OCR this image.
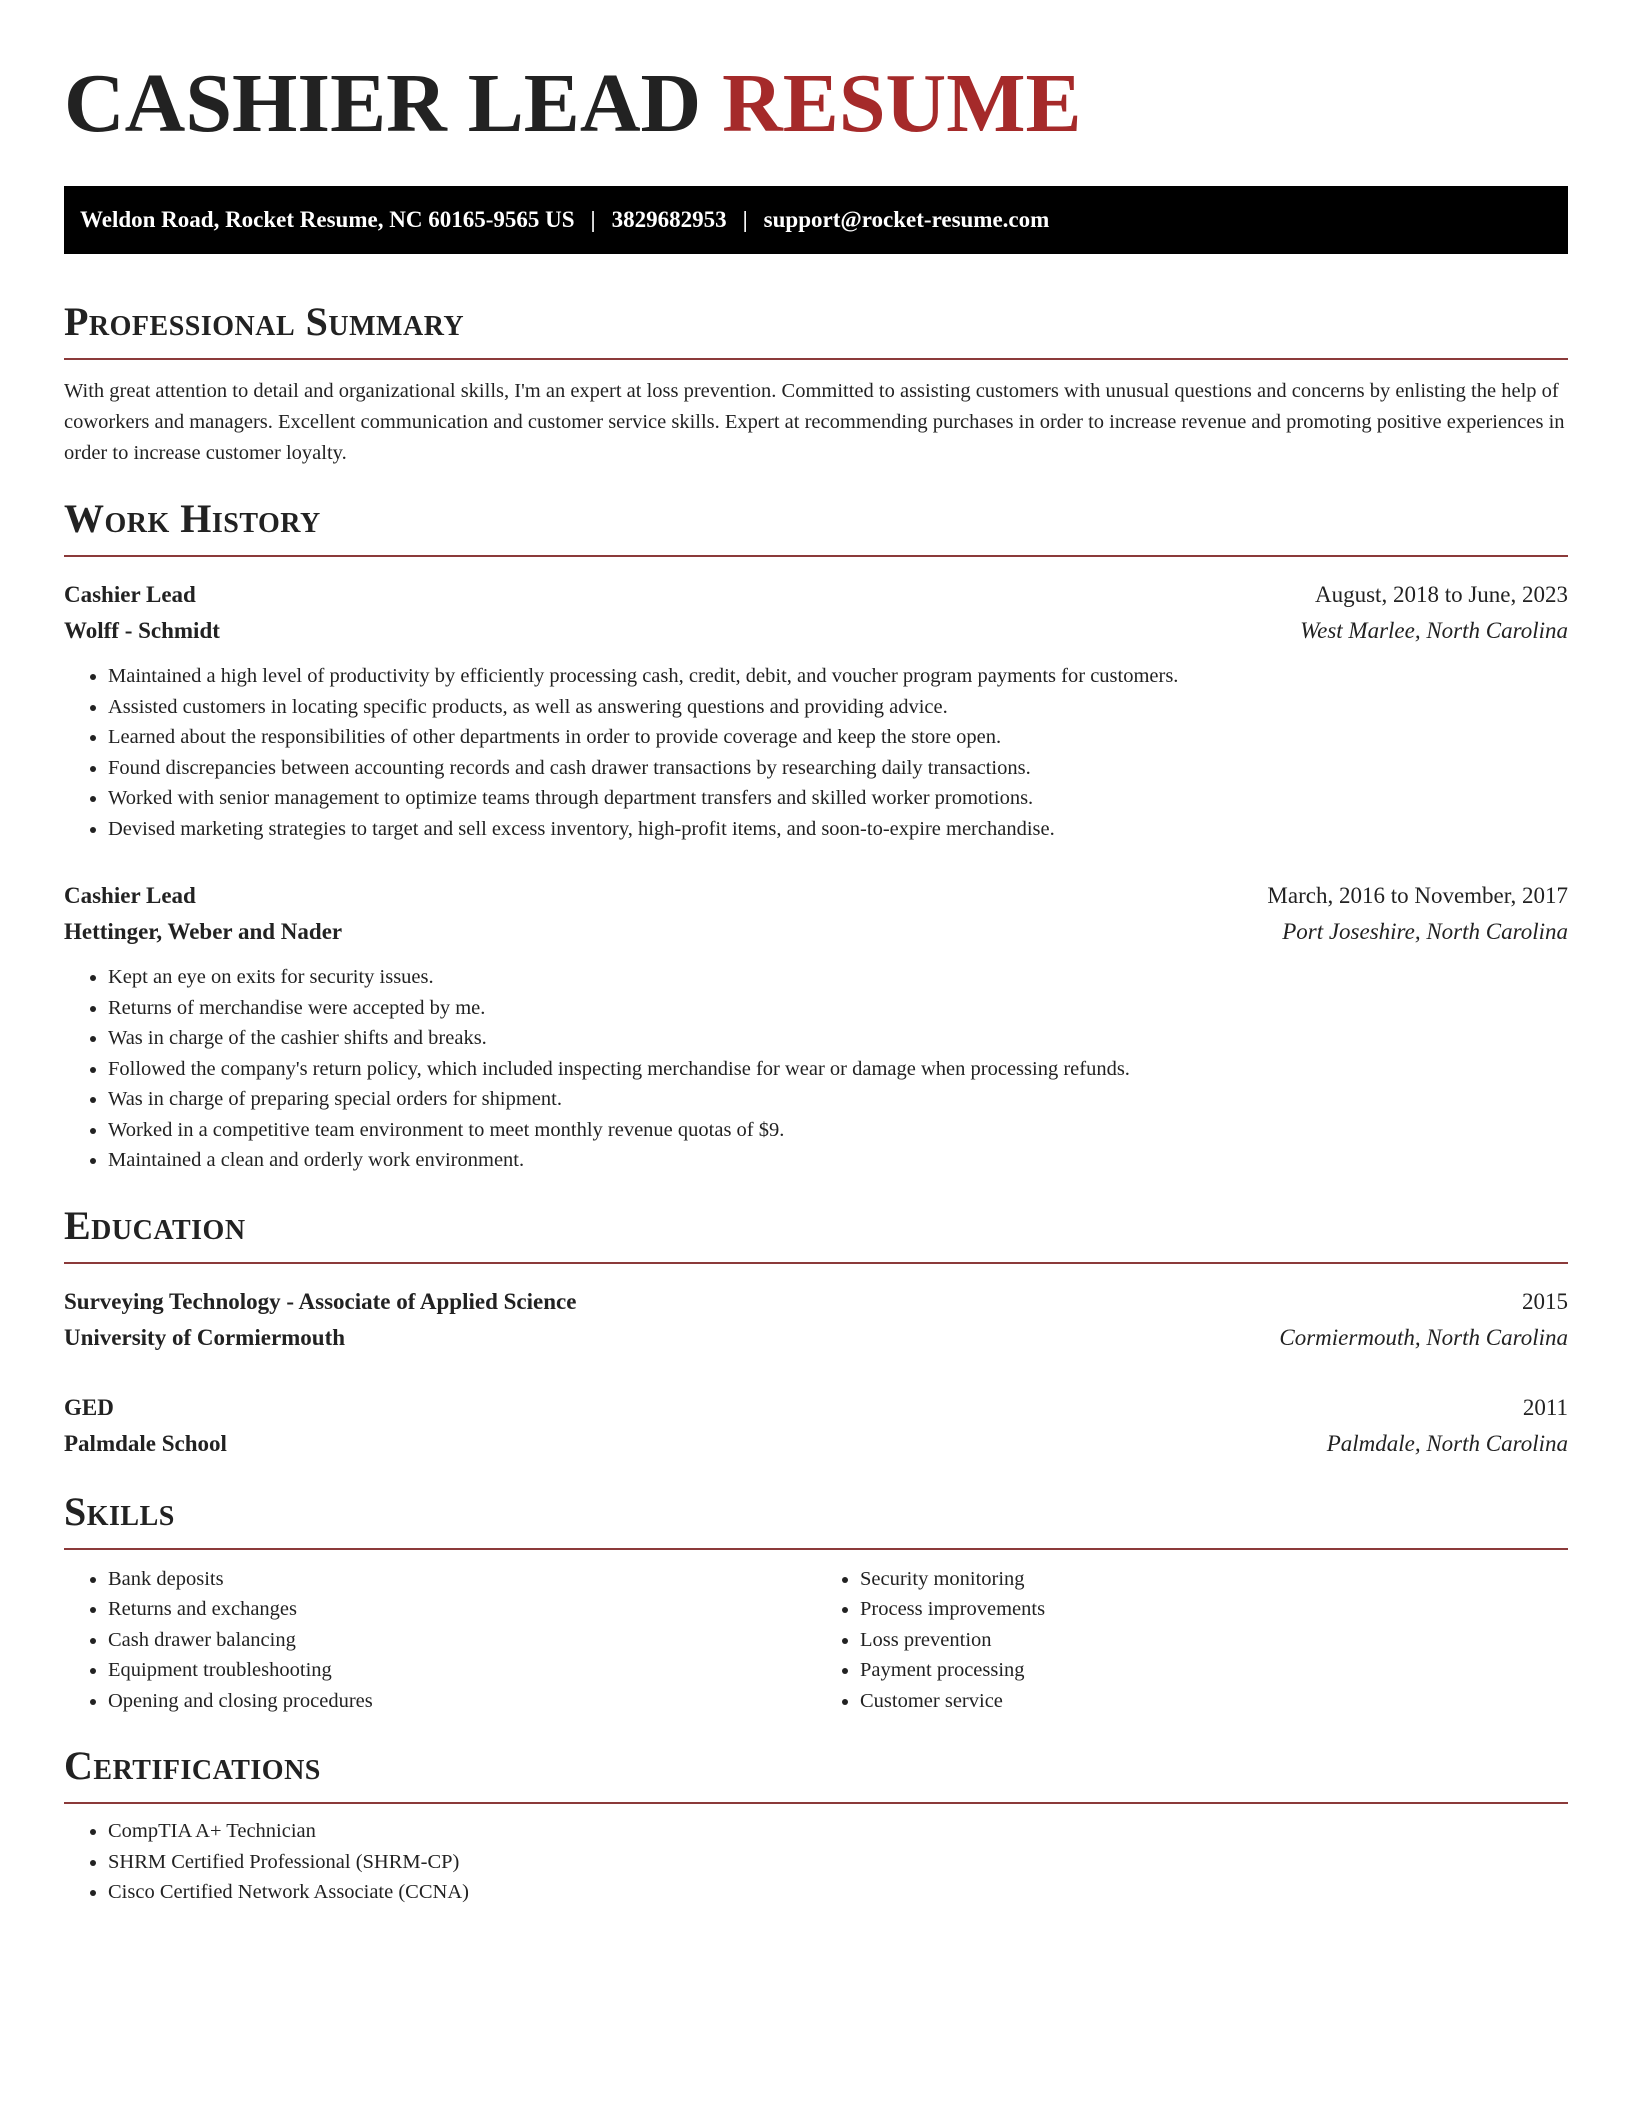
CASHIER LEAD RESUME
Weldon Road, Rocket Resume, NC 60165-9565 US | 3829682953 | support@rocket-resume.com
Professional Summary

With great attention to detail and organizational skills, I'm an expert at loss prevention. Committed to assisting customers with unusual questions and concerns by enlisting the help of coworkers and managers. Excellent communication and customer service skills. Expert at recommending purchases in order to increase revenue and promoting positive experiences in order to increase customer loyalty.

Work History
Cashier Lead	August, 2018 to June, 2023
Wolff - Schmidt	West Marlee, North Carolina
• Maintained a high level of productivity by efficiently processing cash, credit, debit, and voucher program payments for customers.
• Assisted customers in locating specific products, as well as answering questions and providing advice.
• Learned about the responsibilities of other departments in order to provide coverage and keep the store open.
• Found discrepancies between accounting records and cash drawer transactions by researching daily transactions.
• Worked with senior management to optimize teams through department transfers and skilled worker promotions.
• Devised marketing strategies to target and sell excess inventory, high-profit items, and soon-to-expire merchandise.
Cashier Lead	March, 2016 to November, 2017
Hettinger, Weber and Nader	Port Joseshire, North Carolina
• Kept an eye on exits for security issues.
• Returns of merchandise were accepted by me.
• Was in charge of the cashier shifts and breaks.
• Followed the company's return policy, which included inspecting merchandise for wear or damage when processing refunds.
• Was in charge of preparing special orders for shipment.
• Worked in a competitive team environment to meet monthly revenue quotas of $9.
• Maintained a clean and orderly work environment.
Education
Surveying Technology - Associate of Applied Science	2015
University of Cormiermouth	Cormiermouth, North Carolina
GED	2011
Palmdale School	Palmdale, North Carolina
Skills
• Bank deposits
• Returns and exchanges
• Cash drawer balancing
• Equipment troubleshooting
• Opening and closing procedures
• Security monitoring
• Process improvements
• Loss prevention
• Payment processing
• Customer service
Certifications
• CompTIA A+ Technician
• SHRM Certified Professional (SHRM-CP)
• Cisco Certified Network Associate (CCNA)
